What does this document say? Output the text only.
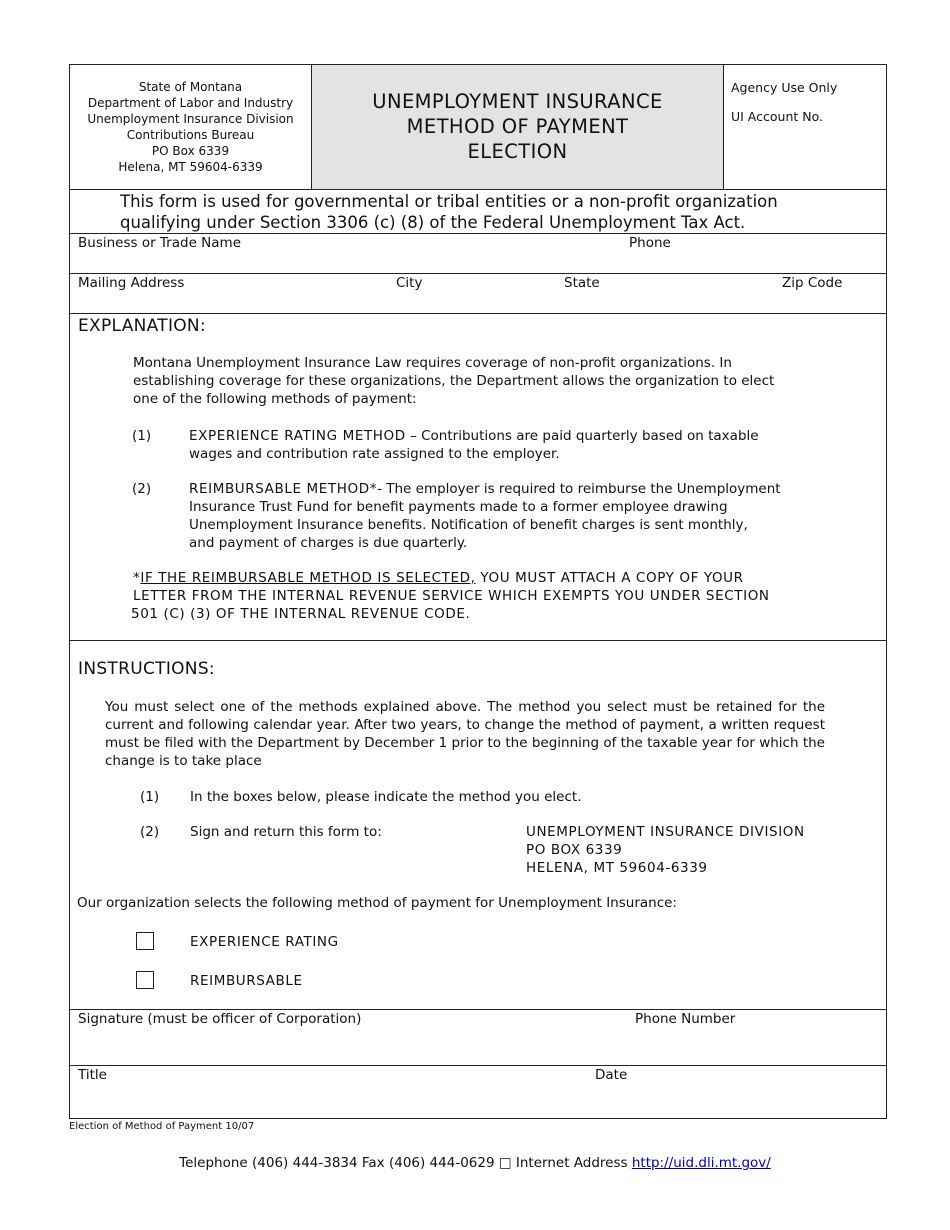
State of Montana
Department of Labor and Industry
Unemployment Insurance Division
Contributions Bureau
PO Box 6339
Helena, MT 59604-6339
UNEMPLOYMENT INSURANCE
METHOD OF PAYMENT
ELECTION
Agency Use Only
UI Account No.
This form is used for governmental or tribal entities or a non-profit organization
qualifying under Section 3306 (c) (8) of the Federal Unemployment Tax Act.
Business or Trade Name	Phone
Mailing Address	City	State	Zip Code
EXPLANATION:
Montana Unemployment Insurance Law requires coverage of non-profit organizations. In
establishing coverage for these organizations, the Department allows the organization to elect
one of the following methods of payment:
(1)	EXPERIENCE RATING METHOD – Contributions are paid quarterly based on taxable
wages and contribution rate assigned to the employer.
(2)	REIMBURSABLE METHOD*- The employer is required to reimburse the Unemployment
Insurance Trust Fund for benefit payments made to a former employee drawing
Unemployment Insurance benefits. Notification of benefit charges is sent monthly,
and payment of charges is due quarterly.
*IF THE REIMBURSABLE METHOD IS SELECTED, YOU MUST ATTACH A COPY OF YOUR
LETTER FROM THE INTERNAL REVENUE SERVICE WHICH EXEMPTS YOU UNDER SECTION
501 (C) (3) OF THE INTERNAL REVENUE CODE.
INSTRUCTIONS:
You must select one of the methods explained above. The method you select must be retained for the current and following calendar year. After two years, to change the method of payment, a written request must be filed with the Department by December 1 prior to the beginning of the taxable year for which the change is to take place
(1) In the boxes below, please indicate the method you elect.
(2) Sign and return this form to:	UNEMPLOYMENT INSURANCE DIVISION
PO BOX 6339
HELENA, MT 59604-6339
Our organization selects the following method of payment for Unemployment Insurance:
EXPERIENCE RATING
REIMBURSABLE
Signature (must be officer of Corporation)	Phone Number
Title	Date
Election of Method of Payment 10/07
Telephone (406) 444-3834 Fax (406) 444-0629 □ Internet Address http://uid.dli.mt.gov/
